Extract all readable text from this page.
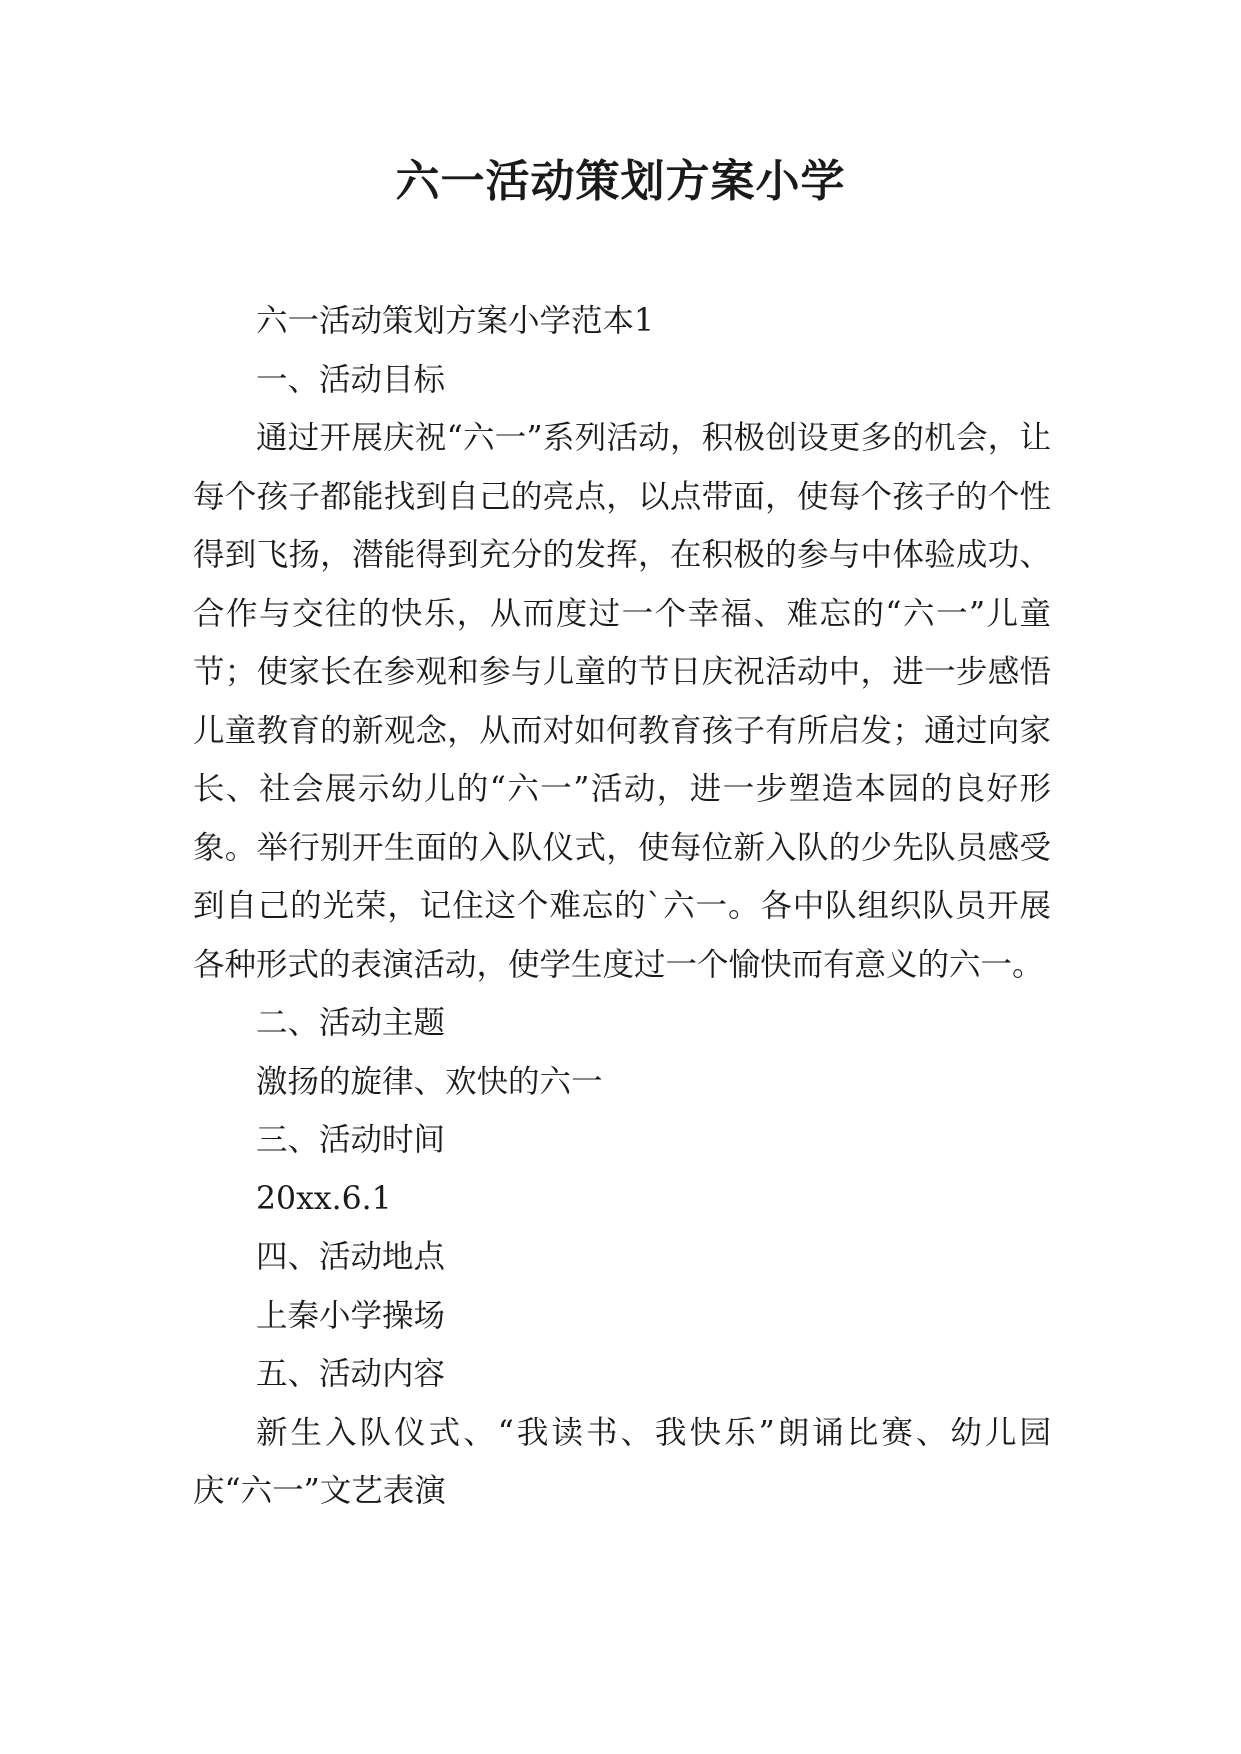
六一活动策划方案小学

六一活动策划方案小学范本1

一、活动目标

通过开展庆祝“六一”系列活动，积极创设更多的机会，让每个孩子都能找到自己的亮点，以点带面，使每个孩子的个性得到飞扬，潜能得到充分的发挥，在积极的参与中体验成功、合作与交往的快乐，从而度过一个幸福、难忘的“六一”儿童节；使家长在参观和参与儿童的节日庆祝活动中，进一步感悟儿童教育的新观念，从而对如何教育孩子有所启发；通过向家长、社会展示幼儿的“六一”活动，进一步塑造本园的良好形象。举行别开生面的入队仪式，使每位新入队的少先队员感受到自己的光荣，记住这个难忘的`六一。各中队组织队员开展各种形式的表演活动，使学生度过一个愉快而有意义的六一。

二、活动主题

激扬的旋律、欢快的六一

三、活动时间

20xx.6.1

四、活动地点

上秦小学操场

五、活动内容

新生入队仪式、“我读书、我快乐”朗诵比赛、幼儿园庆“六一”文艺表演
